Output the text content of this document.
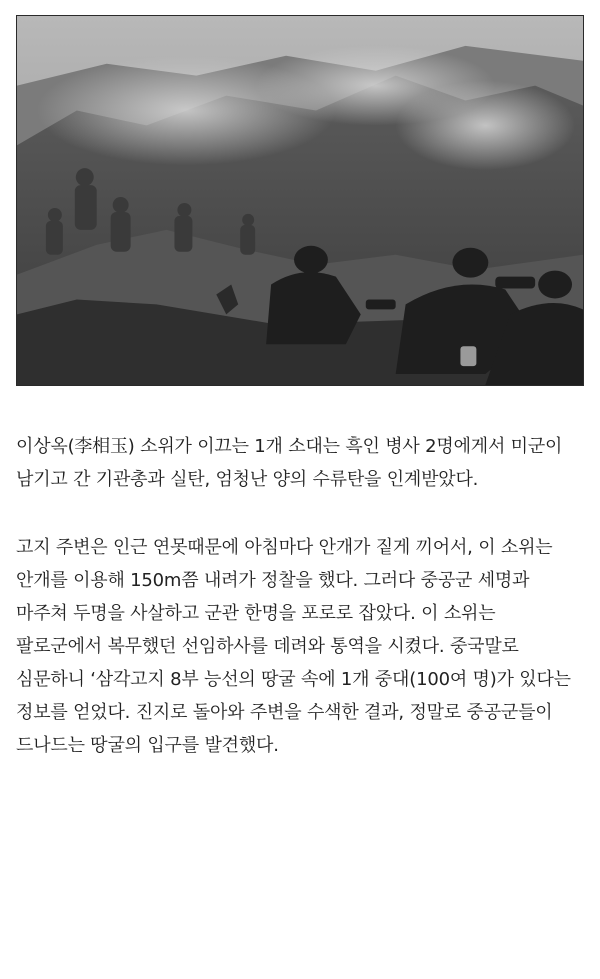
이상옥(李相玉) 소위가 이끄는 1개 소대는 흑인 병사 2명에게서 미군이 남기고 간 기관총과 실탄, 엄청난 양의 수류탄을 인계받았다.

고지 주변은 인근 연못때문에 아침마다 안개가 짙게 끼어서, 이 소위는 안개를 이용해 150m쯤 내려가 정찰을 했다. 그러다 중공군 세명과 마주쳐 두명을 사살하고 군관 한명을 포로로 잡았다. 이 소위는 팔로군에서 복무했던 선임하사를 데려와 통역을 시켰다. 중국말로 심문하니 ‘삼각고지 8부 능선의 땅굴 속에 1개 중대(100여 명)가 있다는 정보를 얻었다. 진지로 돌아와 주변을 수색한 결과, 정말로 중공군들이 드나드는 땅굴의 입구를 발견했다.
